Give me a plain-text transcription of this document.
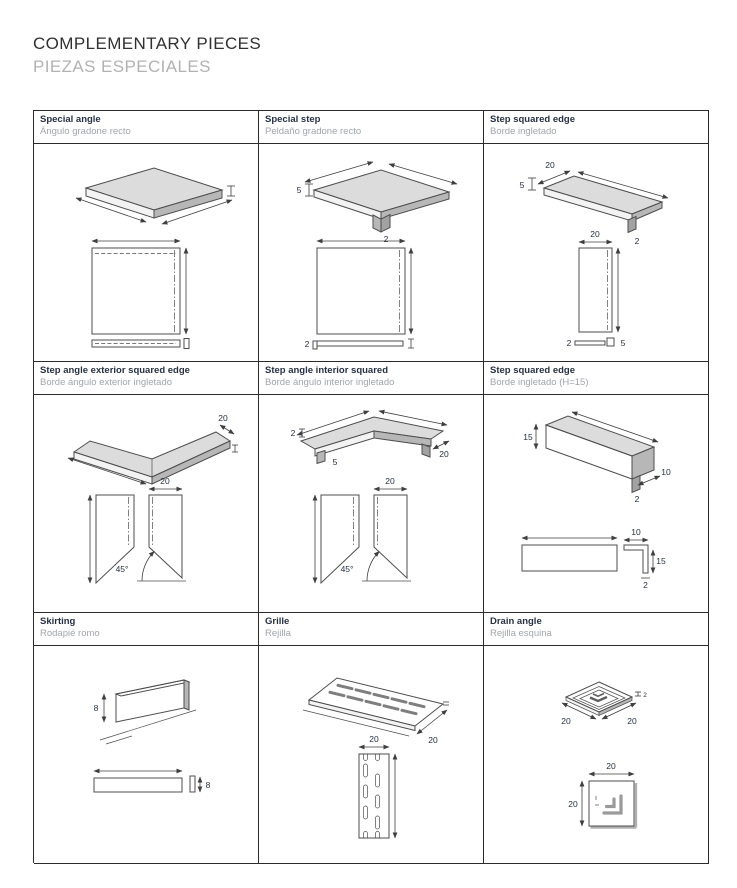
COMPLEMENTARY PIECES
PIEZAS ESPECIALES
Special angle
Ángulo gradone recto
Special step
Peldaño gradone recto
5
2
2
Step squared edge
Borde ingletado
20
5
2
20
2	5
Step angle exterior squared edge
Borde ángulo exterior ingletado
20
45°
20
Step angle interior squared
Borde ángulo interior ingletado
2
5
20
45°
20
Step squared edge
Borde ingletado (H=15)
15
10
2
10
15
2
Skirting
Rodapié romo
8
8
Grille
Rejilla
20
20
Drain angle
Rejilla esquina
2
20	20
20
20
